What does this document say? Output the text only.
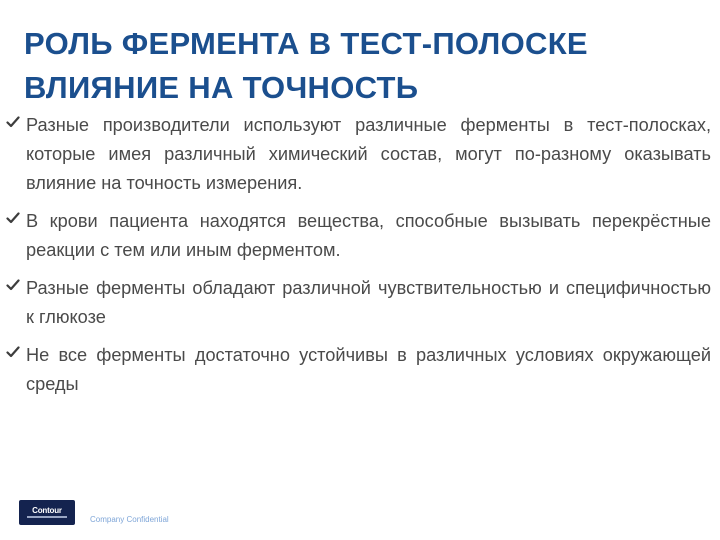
РОЛЬ ФЕРМЕНТА В ТЕСТ-ПОЛОСКЕ
ВЛИЯНИЕ НА ТОЧНОСТЬ
Разные производители используют различные ферменты в тест-полосках, которые имея различный химический состав, могут по-разному оказывать влияние на точность измерения.
В крови пациента находятся вещества, способные вызывать перекрёстные реакции с тем или иным ферментом.
Разные ферменты обладают различной чувствительностью и специфичностью к глюкозе
Не все ферменты достаточно устойчивы в различных условиях окружающей среды
Contour
Company Confidential
